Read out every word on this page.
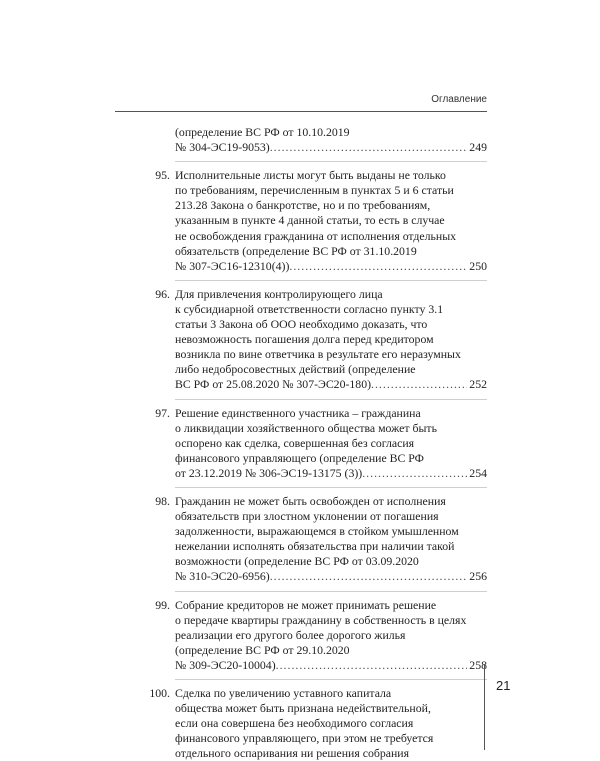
Оглавление
(определение ВС РФ от 10.10.2019
№ 304-ЭС19-9053) .....	249
95. Исполнительные листы могут быть выданы не только
по требованиям, перечисленным в пунктах 5 и 6 статьи
213.28 Закона о банкротстве, но и по требованиям,
указанным в пункте 4 данной статьи, то есть в случае
не освобождения гражданина от исполнения отдельных
обязательств (определение ВС РФ от 31.10.2019
№ 307-ЭС16-12310(4)) .....	250
96. Для привлечения контролирующего лица
к субсидиарной ответственности согласно пункту 3.1
статьи 3 Закона об ООО необходимо доказать, что
невозможность погашения долга перед кредитором
возникла по вине ответчика в результате его неразумных
либо недобросовестных действий (определение
ВС РФ от 25.08.2020 № 307-ЭС20-180) .....	252
97. Решение единственного участника – гражданина
о ликвидации хозяйственного общества может быть
оспорено как сделка, совершенная без согласия
финансового управляющего (определение ВС РФ
от 23.12.2019 № 306-ЭС19-13175 (3)) .....	254
98. Гражданин не может быть освобожден от исполнения
обязательств при злостном уклонении от погашения
задолженности, выражающемся в стойком умышленном
нежелании исполнять обязательства при наличии такой
возможности (определение ВС РФ от 03.09.2020
№ 310-ЭС20-6956) .....	256
99. Собрание кредиторов не может принимать решение
о передаче квартиры гражданину в собственность в целях
реализации его другого более дорогого жилья
(определение ВС РФ от 29.10.2020
№ 309-ЭС20-10004) .....	258
100. Сделка по увеличению уставного капитала
общества может быть признана недействительной,
если она совершена без необходимого согласия
финансового управляющего, при этом не требуется
отдельного оспаривания ни решения собрания
21
